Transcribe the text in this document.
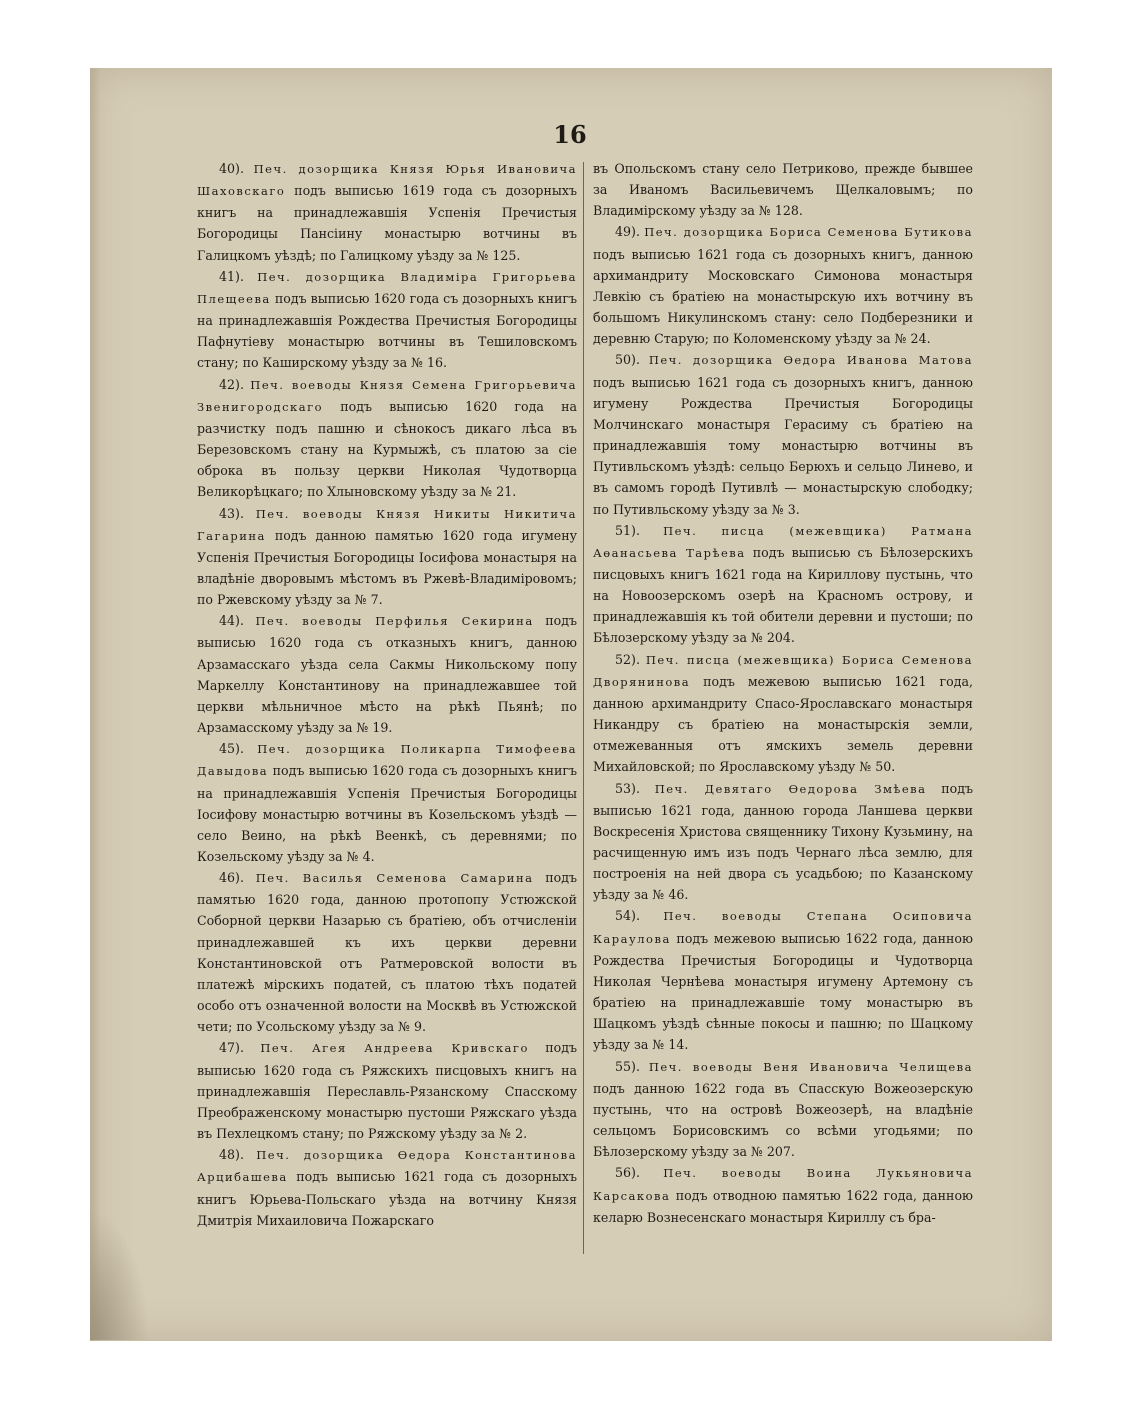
16

40). Печ. дозорщика Князя Юрья Ивановича Шаховскаго подъ выписью 1619 года съ дозорныхъ книгъ на принадлежавшія Успенія Пречистыя Богородицы Пансіину монастырю вотчины въ Галицкомъ уѣздѣ; по Галицкому уѣзду за № 125.

41). Печ. дозорщика Владиміра Григорьева Плещеева подъ выписью 1620 года съ дозорныхъ книгъ на принадлежавшія Рождества Пречистыя Богородицы Пафнутіеву монастырю вотчины въ Тешиловскомъ стану; по Каширскому уѣзду за № 16.

42). Печ. воеводы Князя Семена Григорьевича Звенигородскаго подъ выписью 1620 года на разчистку подъ пашню и сѣнокосъ дикаго лѣса въ Березовскомъ стану на Курмыжѣ, съ платою за сіе оброка въ пользу церкви Николая Чудотворца Великорѣцкаго; по Хлыновскому уѣзду за № 21.

43). Печ. воеводы Князя Никиты Никитича Гагарина подъ данною памятью 1620 года игумену Успенія Пречистыя Богородицы Іосифова монастыря на владѣніе дворовымъ мѣстомъ въ Ржевѣ-Владиміровомъ; по Ржевскому уѣзду за № 7.

44). Печ. воеводы Перфилья Секирина подъ выписью 1620 года съ отказныхъ книгъ, данною Арзамасскаго уѣзда села Сакмы Никольскому попу Маркеллу Константинову на принадлежавшее той церкви мѣльничное мѣсто на рѣкѣ Пьянѣ; по Арзамасскому уѣзду за № 19.

45). Печ. дозорщика Поликарпа Тимофеева Давыдова подъ выписью 1620 года съ дозорныхъ книгъ на принадлежавшія Успенія Пречистыя Богородицы Іосифову монастырю вотчины въ Козельскомъ уѣздѣ — село Веино, на рѣкѣ Веенкѣ, съ деревнями; по Козельскому уѣзду за № 4.

46). Печ. Василья Семенова Самарина подъ памятью 1620 года, данною протопопу Устюжской Соборной церкви Назарью съ братіею, объ отчисленіи принадлежавшей къ ихъ церкви деревни Константиновской отъ Ратмеровской волости въ платежѣ мірскихъ податей, съ платою тѣхъ податей особо отъ означенной волости на Москвѣ въ Устюжской чети; по Усольскому уѣзду за № 9.

47). Печ. Агея Андреева Кривскаго подъ выписью 1620 года съ Ряжскихъ писцовыхъ книгъ на принадлежавшія Переславль-Рязанскому Спасскому Преображенскому монастырю пустоши Ряжскаго уѣзда въ Пехлецкомъ стану; по Ряжскому уѣзду за № 2.

48). Печ. дозорщика Өедора Константинова Арцибашева подъ выписью 1621 года съ дозорныхъ книгъ Юрьева-Польскаго уѣзда на вотчину Князя Дмитрія Михаиловича Пожарскаго

въ Опольскомъ стану село Петриково, прежде бывшее за Иваномъ Васильевичемъ Щелкаловымъ; по Владимірскому уѣзду за № 128.

49). Печ. дозорщика Бориса Семенова Бутикова подъ выписью 1621 года съ дозорныхъ книгъ, данною архимандриту Московскаго Симонова монастыря Левкію съ братіею на монастырскую ихъ вотчину въ большомъ Никулинскомъ стану: село Подберезники и деревню Старую; по Коломенскому уѣзду за № 24.

50). Печ. дозорщика Өедора Иванова Матова подъ выписью 1621 года съ дозорныхъ книгъ, данною игумену Рождества Пречистыя Богородицы Молчинскаго монастыря Герасиму съ братіею на принадлежавшія тому монастырю вотчины въ Путивльскомъ уѣздѣ: сельцо Берюхъ и сельцо Линево, и въ самомъ городѣ Путивлѣ — монастырскую слободку; по Путивльскому уѣзду за № 3.

51). Печ. писца (межевщика) Ратмана Аөанасьева Тарѣева подъ выписью съ Бѣлозерскихъ писцовыхъ книгъ 1621 года на Кириллову пустынь, что на Новоозерскомъ озерѣ на Красномъ острову, и принадлежавшія къ той обители деревни и пустоши; по Бѣлозерскому уѣзду за № 204.

52). Печ. писца (межевщика) Бориса Семенова Дворянинова подъ межевою выписью 1621 года, данною архимандриту Спасо-Ярославскаго монастыря Никандру съ братіею на монастырскія земли, отмежеванныя отъ ямскихъ земель деревни Михайловской; по Ярославскому уѣзду № 50.

53). Печ. Девятаго Өедорова Змѣева подъ выписью 1621 года, данною города Ланшева церкви Воскресенія Христова священнику Тихону Кузьмину, на расчищенную имъ изъ подъ Чернаго лѣса землю, для построенія на ней двора съ усадьбою; по Казанскому уѣзду за № 46.

54). Печ. воеводы Степана Осиповича Караулова подъ межевою выписью 1622 года, данною Рождества Пречистыя Богородицы и Чудотворца Николая Чернѣева монастыря игумену Артемону съ братіею на принадлежавшіе тому монастырю въ Шацкомъ уѣздѣ сѣнные покосы и пашню; по Шацкому уѣзду за № 14.

55). Печ. воеводы Веня Ивановича Челищева подъ данною 1622 года въ Спасскую Вожеозерскую пустынь, что на островѣ Вожеозерѣ, на владѣніе сельцомъ Борисовскимъ со всѣми угодьями; по Бѣлозерскому уѣзду за № 207.

56). Печ. воеводы Воина Лукьяновича Карсакова подъ отводною памятью 1622 года, данною келарю Вознесенскаго монастыря Кириллу съ бра-
